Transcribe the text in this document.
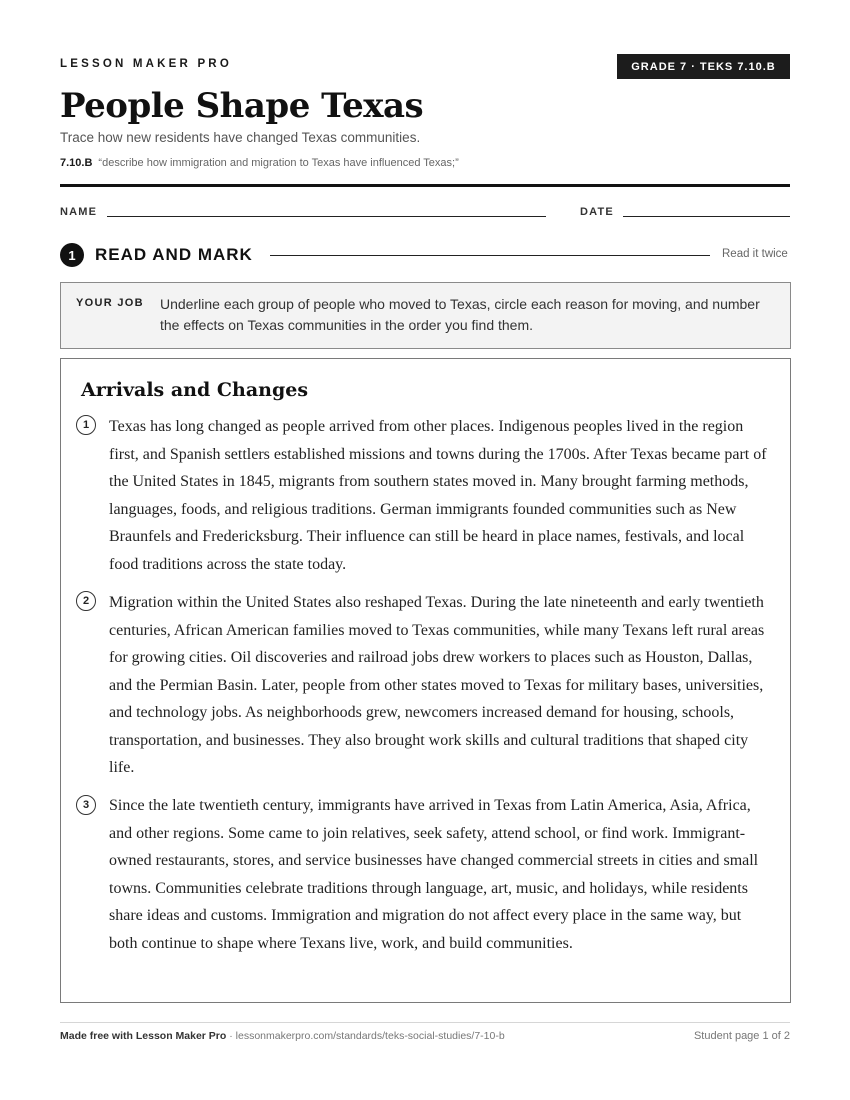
LESSON MAKER PRO	GRADE 7 · TEKS 7.10.B
People Shape Texas
Trace how new residents have changed Texas communities.
7.10.B “describe how immigration and migration to Texas have influenced Texas;”
NAME	DATE
1	READ AND MARK	Read it twice
YOUR JOB Underline each group of people who moved to Texas, circle each reason for moving, and number the effects on Texas communities in the order you find them.
Arrivals and Changes
1	Texas has long changed as people arrived from other places. Indigenous peoples lived in the region first, and Spanish settlers established missions and towns during the 1700s. After Texas became part of the United States in 1845, migrants from southern states moved in. Many brought farming methods, languages, foods, and religious traditions. German immigrants founded communities such as New Braunfels and Fredericksburg. Their influence can still be heard in place names, festivals, and local food traditions across the state today.

2	Migration within the United States also reshaped Texas. During the late nineteenth and early twentieth centuries, African American families moved to Texas communities, while many Texans left rural areas for growing cities. Oil discoveries and railroad jobs drew workers to places such as Houston, Dallas, and the Permian Basin. Later, people from other states moved to Texas for military bases, universities, and technology jobs. As neighborhoods grew, newcomers increased demand for housing, schools, transportation, and businesses. They also brought work skills and cultural traditions that shaped city life.

3	Since the late twentieth century, immigrants have arrived in Texas from Latin America, Asia, Africa, and other regions. Some came to join relatives, seek safety, attend school, or find work. Immigrant-owned restaurants, stores, and service businesses have changed commercial streets in cities and small towns. Communities celebrate traditions through language, art, music, and holidays, while residents share ideas and customs. Immigration and migration do not affect every place in the same way, but both continue to shape where Texans live, work, and build communities.

Made free with Lesson Maker Pro · lessonmakerpro.com/standards/teks-social-studies/7-10-b	Student page 1 of 2
